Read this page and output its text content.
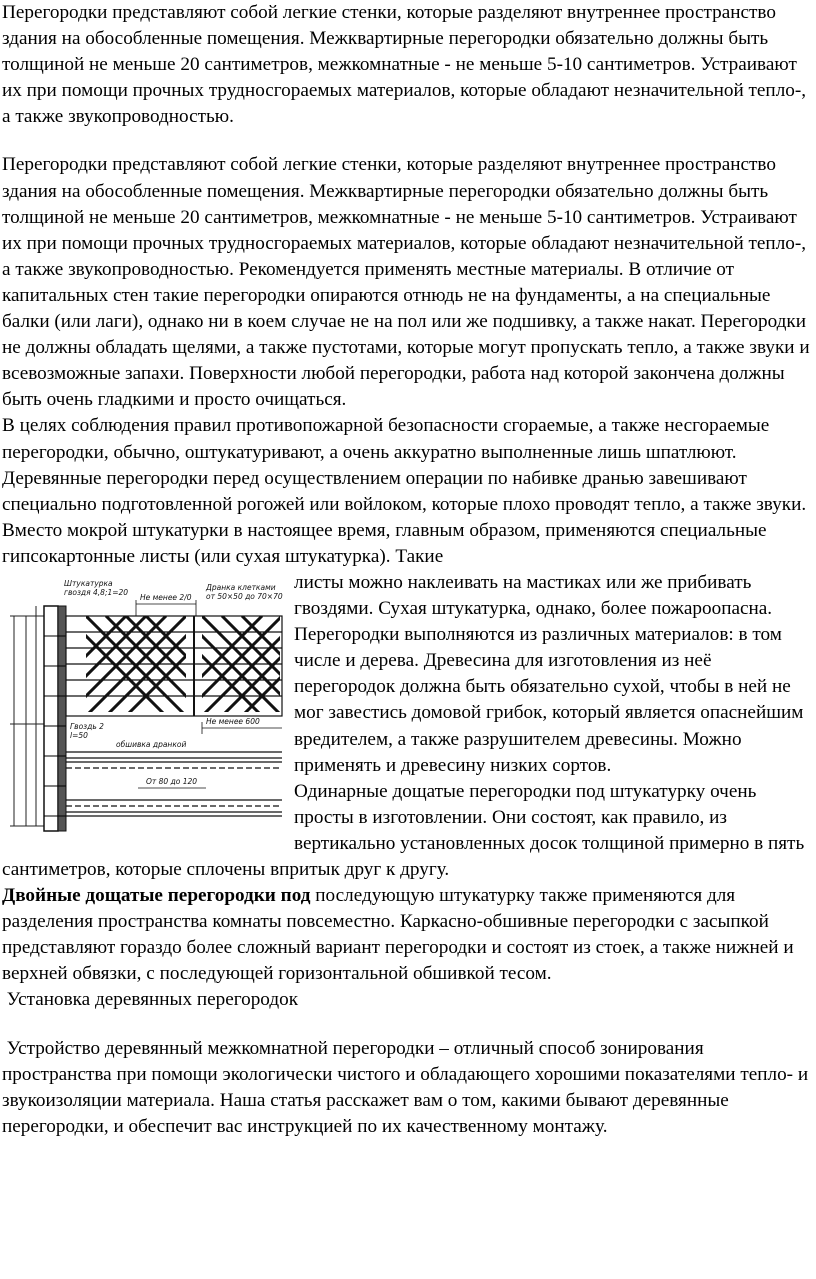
Перегородки представляют собой легкие стенки, которые разделяют внутреннее пространство здания на обособленные помещения. Межквартирные перегородки обязательно должны быть толщиной не меньше 20 сантиметров, межкомнатные - не меньше 5-10 сантиметров. Устраивают их при помощи прочных трудносгораемых материалов, которые обладают незначительной тепло-, а также звукопроводностью.

Перегородки представляют собой легкие стенки, которые разделяют внутреннее пространство здания на обособленные помещения. Межквартирные перегородки обязательно должны быть толщиной не меньше 20 сантиметров, межкомнатные - не меньше 5-10 сантиметров. Устраивают их при помощи прочных трудносгораемых материалов, которые обладают незначительной тепло-, а также звукопроводностью. Рекомендуется применять местные материалы. В отличие от капитальных стен такие перегородки опираются отнюдь не на фундаменты, а на специальные балки (или лаги), однако ни в коем случае не на пол или же подшивку, а также накат. Перегородки не должны обладать щелями, а также пустотами, которые могут пропускать тепло, а также звуки и всевозможные запахи. Поверхности любой перегородки, работа над которой закончена должны быть очень гладкими и просто очищаться.

В целях соблюдения правил противопожарной безопасности сгораемые, а также несгораемые перегородки, обычно, оштукатуривают, а очень аккуратно выполненные лишь шпатлюют. Деревянные перегородки перед осуществлением операции по набивке дранью завешивают специально подготовленной рогожей или войлоком, которые плохо проводят тепло, а также звуки. Вместо мокрой штукатурки в настоящее время, главным образом, применяются специальные гипсокартонные листы (или сухая штукатурка). Такие

Штукатурка
гвоздя 4,8;1=20
Не менее 2/0
Дранка клетками
от 50×50 до 70×70
Гвоздь 2
l=50
Не менее 600
обшивка дранкой
От 80 до 120

листы можно наклеивать на мастиках или же прибивать гвоздями. Сухая штукатурка, однако, более пожароопасна. Перегородки выполняются из различных материалов: в том числе и дерева. Древесина для изготовления из неё перегородок должна быть обязательно сухой, чтобы в ней не мог завестись домовой грибок, который является опаснейшим вредителем, а также разрушителем древесины. Можно применять и древесину низких сортов.

Одинарные дощатые перегородки под штукатурку очень просты в изготовлении. Они состоят, как правило, из вертикально установленных досок толщиной примерно в пять сантиметров, которые сплочены впритык друг к другу.

Двойные дощатые перегородки под последующую штукатурку также применяются для разделения пространства комнаты повсеместно. Каркасно-обшивные перегородки с засыпкой представляют гораздо более сложный вариант перегородки и состоят из стоек, а также нижней и верхней обвязки, с последующей горизонтальной обшивкой тесом.

Установка деревянных перегородок

Устройство деревянный межкомнатной перегородки – отличный способ зонирования пространства при помощи экологически чистого и обладающего хорошими показателями тепло- и звукоизоляции материала. Наша статья расскажет вам о том, какими бывают деревянные перегородки, и обеспечит вас инструкцией по их качественному монтажу.
